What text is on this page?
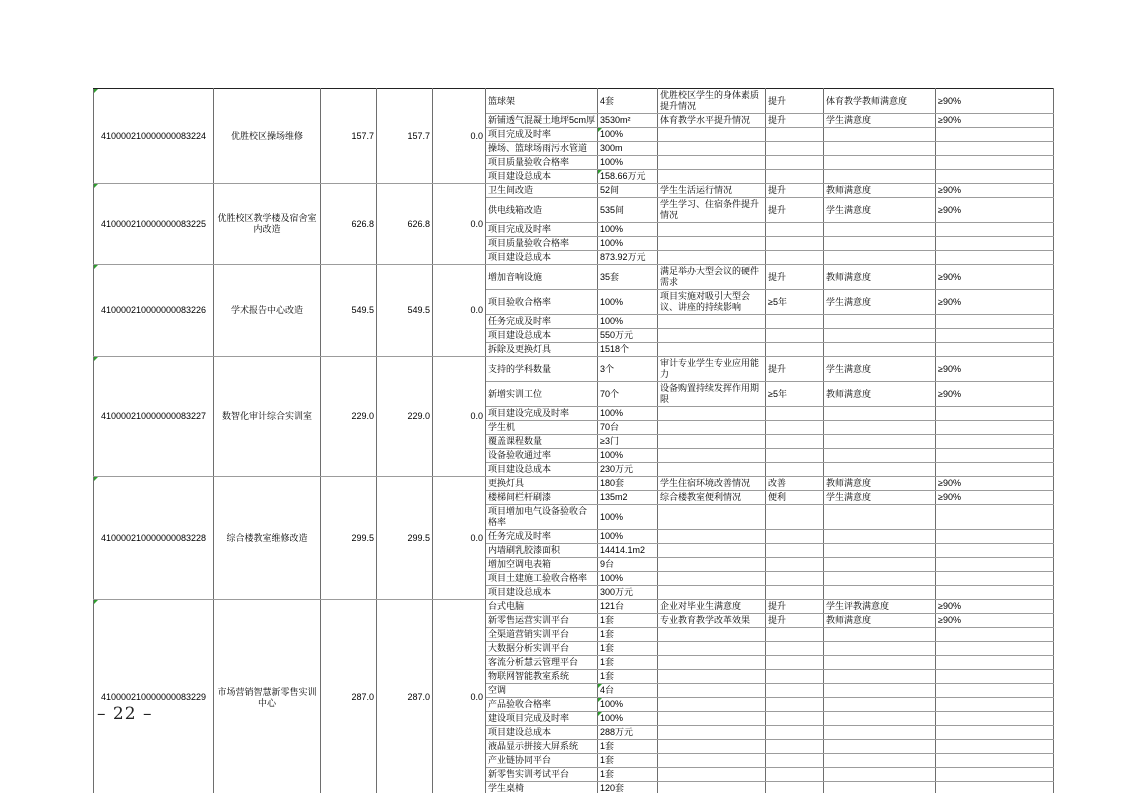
410000210000000083224	优胜校区操场维修	157.7	157.7	0.0	篮球架	4套	优胜校区学生的身体素质提升情况	提升	体育教学教师满意度	≥90%
					新铺透气混凝土地坪5cm厚	3530m²	体育教学水平提升情况	提升	学生满意度	≥90%
					项目完成及时率	100%				
					操场、篮球场雨污水管道	300m				
					项目质量验收合格率	100%				
					项目建设总成本	158.66万元				
410000210000000083225	优胜校区教学楼及宿舍室内改造	626.8	626.8	0.0	卫生间改造	52间	学生生活运行情况	提升	教师满意度	≥90%
					供电线箱改造	535间	学生学习、住宿条件提升情况	提升	学生满意度	≥90%
					项目完成及时率	100%				
					项目质量验收合格率	100%				
					项目建设总成本	873.92万元				
410000210000000083226	学术报告中心改造	549.5	549.5	0.0	增加音响设施	35套	满足举办大型会议的硬件需求	提升	教师满意度	≥90%
					项目验收合格率	100%	项目实施对吸引大型会议、讲座的持续影响	≥5年	学生满意度	≥90%
					任务完成及时率	100%				
					项目建设总成本	550万元				
					拆除及更换灯具	1518个				
410000210000000083227	数智化审计综合实训室	229.0	229.0	0.0	支持的学科数量	3个	审计专业学生专业应用能力	提升	学生满意度	≥90%
					新增实训工位	70个	设备购置持续发挥作用期限	≥5年	教师满意度	≥90%
					项目建设完成及时率	100%				
					学生机	70台				
					覆盖课程数量	≥3门				
					设备验收通过率	100%				
					项目建设总成本	230万元				
410000210000000083228	综合楼教室维修改造	299.5	299.5	0.0	更换灯具	180套	学生住宿环境改善情况	改善	教师满意度	≥90%
					楼梯间栏杆刷漆	135m2	综合楼教室便利情况	便利	学生满意度	≥90%
					项目增加电气设备验收合格率	100%				
					任务完成及时率	100%				
					内墙刷乳胶漆面积	14414.1m2				
					增加空调电表箱	9台				
					项目土建施工验收合格率	100%				
					项目建设总成本	300万元				
410000210000000083229	市场营销智慧新零售实训中心	287.0	287.0	0.0	台式电脑	121台	企业对毕业生满意度	提升	学生评教满意度	≥90%
					新零售运营实训平台	1套	专业教育教学改革效果	提升	教师满意度	≥90%
					全渠道营销实训平台	1套				
					大数据分析实训平台	1套				
					客流分析慧云管理平台	1套				
					物联网智能教室系统	1套				
					空调	4台				
					产品验收合格率	100%				
					建设项目完成及时率	100%				
					项目建设总成本	288万元				
					液晶显示拼接大屏系统	1套				
					产业链协同平台	1套				
					新零售实训考试平台	1套				
					学生桌椅	120套				
– 22 –
